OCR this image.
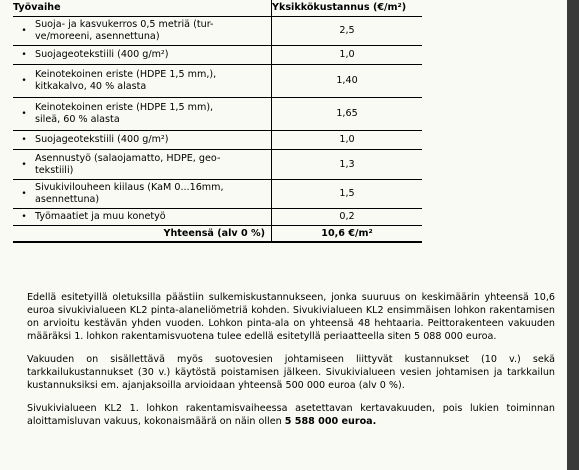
Työvaihe	Yksikkökustannus (€/m²)

•
Suoja- ja kasvukerros 0,5 metriä (tur-
ve/moreeni, asennettuna)	2,5

• Suojageotekstiili (400 g/m²)	1,0

•
Keinotekoinen eriste (HDPE 1,5 mm,),
kitkakalvo, 40 % alasta	1,40

•
Keinotekoinen eriste (HDPE 1,5 mm),
sileä, 60 % alasta	1,65

• Suojageotekstiili (400 g/m²)	1,0

•
Asennustyö (salaojamatto, HDPE, geo-
tekstiili)	1,3

•
Sivukivilouheen kiilaus (KaM 0...16mm,
asennettuna)	1,5

• Työmaatiet ja muu konetyö	0,2
Yhteensä (alv 0 %)	10,6 €/m²

Edellä esitetyillä oletuksilla päästiin sulkemiskustannukseen, jonka suuruus on keskimäärin yhteensä 10,6 euroa sivukivialueen KL2 pinta-alaneliömetriä kohden. Sivukivialueen KL2 ensimmäisen lohkon rakentamisen on arvioitu kestävän yhden vuoden. Lohkon pinta-ala on yhteensä 48 hehtaaria. Peittorakenteen vakuuden määräksi 1. lohkon rakentamisvuotena tulee edellä esitetyllä periaatteella siten 5 088 000 euroa.

Vakuuden on sisällettävä myös suotovesien johtamiseen liittyvät kustannukset (10 v.) sekä tarkkailukustannukset (30 v.) käytöstä poistamisen jälkeen. Sivukivialueen vesien johtamisen ja tarkkailun kustannuksiksi em. ajanjaksoilla arvioidaan yhteensä 500 000 euroa (alv 0 %).

Sivukivialueen KL2 1. lohkon rakentamisvaiheessa asetettavan kertavakuuden, pois lukien toiminnan aloittamisluvan vakuus, kokonaismäärä on näin ollen 5 588 000 euroa.
